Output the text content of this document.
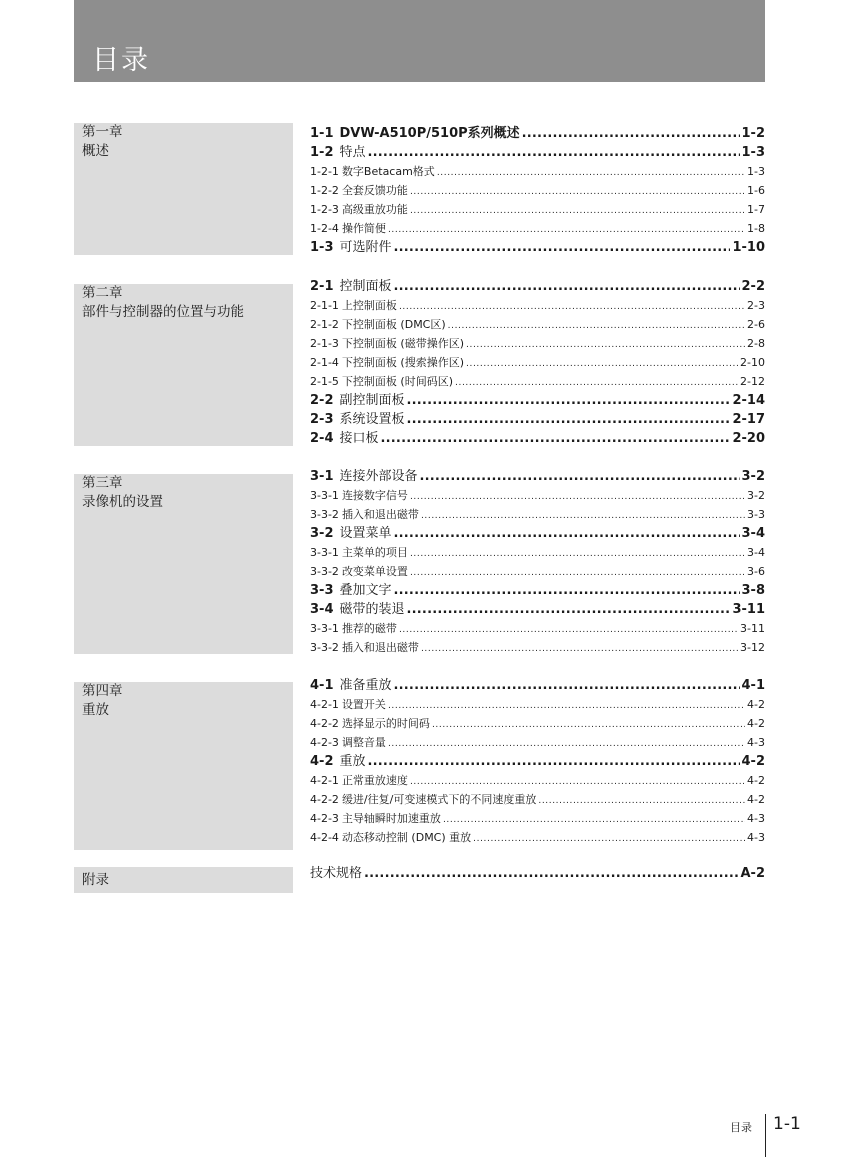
目录
第一章
概述
1-1 DVW-A510P/510P系列概述 .....	1-2
1-2 特点 .....	1-3
1-2-1 数字Betacam格式 .....	1-3
1-2-2 全套反馈功能 .....	1-6
1-2-3 高级重放功能 .....	1-7
1-2-4 操作简便 .....	1-8
1-3 可选附件 .....	1-10
第二章
部件与控制器的位置与功能
2-1 控制面板 .....	2-2
2-1-1 上控制面板 .....	2-3
2-1-2 下控制面板 (DMC区) .....	2-6
2-1-3 下控制面板 (磁带操作区) .....	2-8
2-1-4 下控制面板 (搜索操作区) .....	2-10
2-1-5 下控制面板 (时间码区) .....	2-12
2-2 副控制面板 .....	2-14
2-3 系统设置板 .....	2-17
2-4 接口板 .....	2-20
第三章
录像机的设置
3-1 连接外部设备 .....	3-2
3-3-1 连接数字信号 .....	3-2
3-3-2 插入和退出磁带 .....	3-3
3-2 设置菜单 .....	3-4
3-3-1 主菜单的项目 .....	3-4
3-3-2 改变菜单设置 .....	3-6
3-3 叠加文字 .....	3-8
3-4 磁带的装退 .....	3-11
3-3-1 推荐的磁带 .....	3-11
3-3-2 插入和退出磁带 .....	3-12
第四章
重放
4-1 准备重放 .....	4-1
4-2-1 设置开关 .....	4-2
4-2-2 选择显示的时间码 .....	4-2
4-2-3 调整音量 .....	4-3
4-2 重放 .....	4-2
4-2-1 正常重放速度 .....	4-2
4-2-2 缓进/往复/可变速模式下的不同速度重放 .....	4-2
4-2-3 主导轴瞬时加速重放 .....	4-3
4-2-4 动态移动控制 (DMC) 重放 .....	4-3
附录	技术规格 .....	A-2
目录 1-1
